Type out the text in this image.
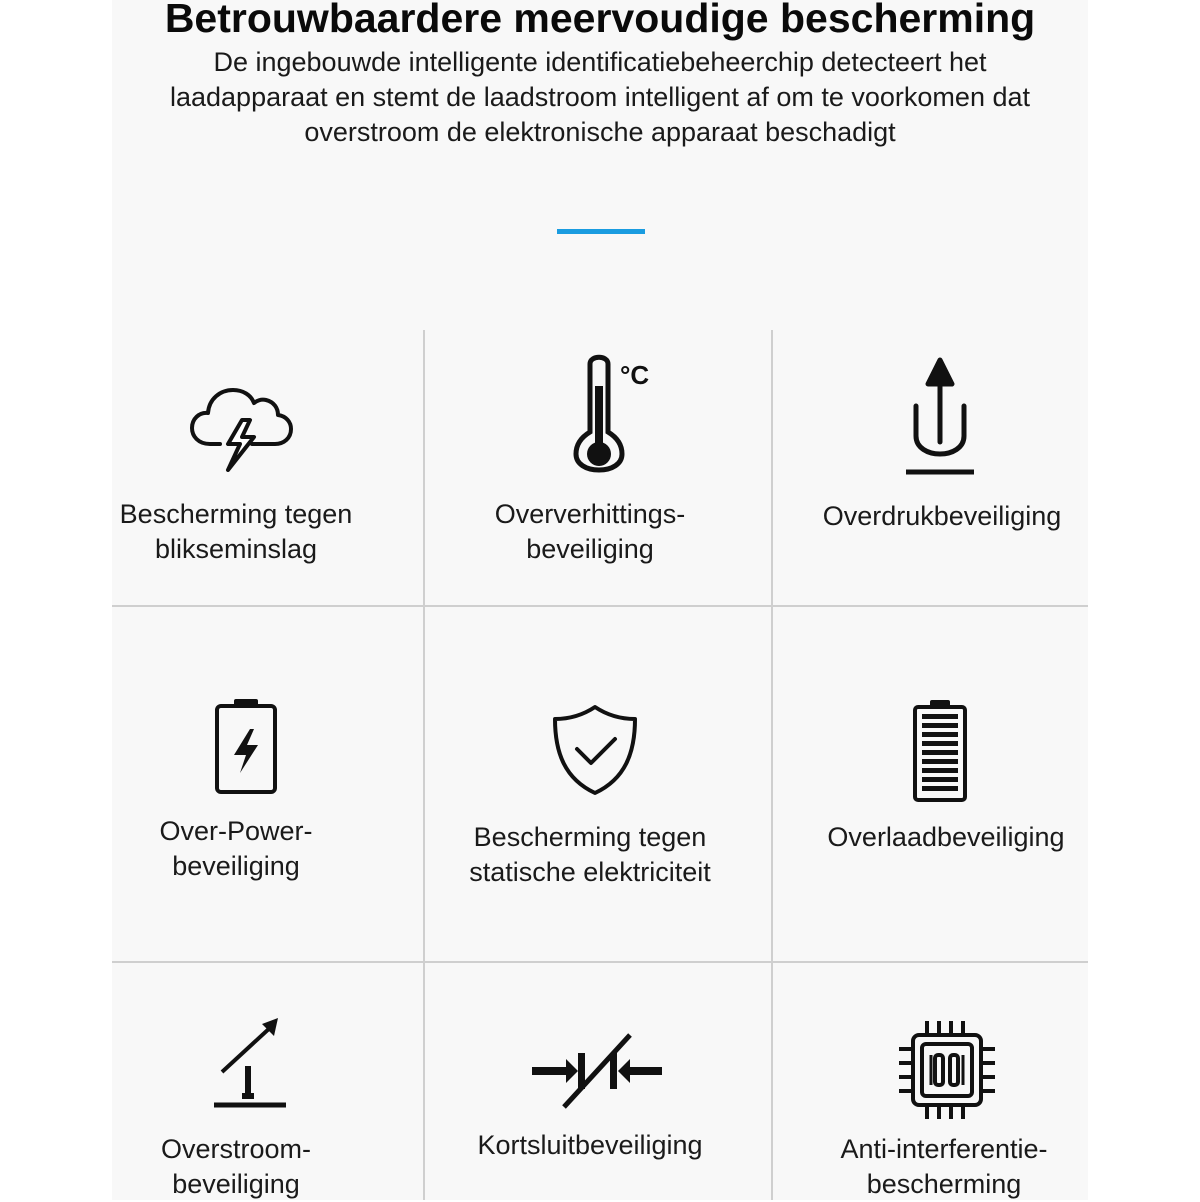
Betrouwbaardere meervoudige bescherming
De ingebouwde intelligente identificatiebeheerchip detecteert het
laadapparaat en stemt de laadstroom intelligent af om te voorkomen dat
overstroom de elektronische apparaat beschadigt
Bescherming tegen
blikseminslag
°C
Oververhittings-
beveiliging
Overdrukbeveiliging
Over-Power-
beveiliging
Bescherming tegen
statische elektriciteit
Overlaadbeveiliging
Overstroom-
beveiliging
Kortsluitbeveiliging	Anti-interferentie-
bescherming
